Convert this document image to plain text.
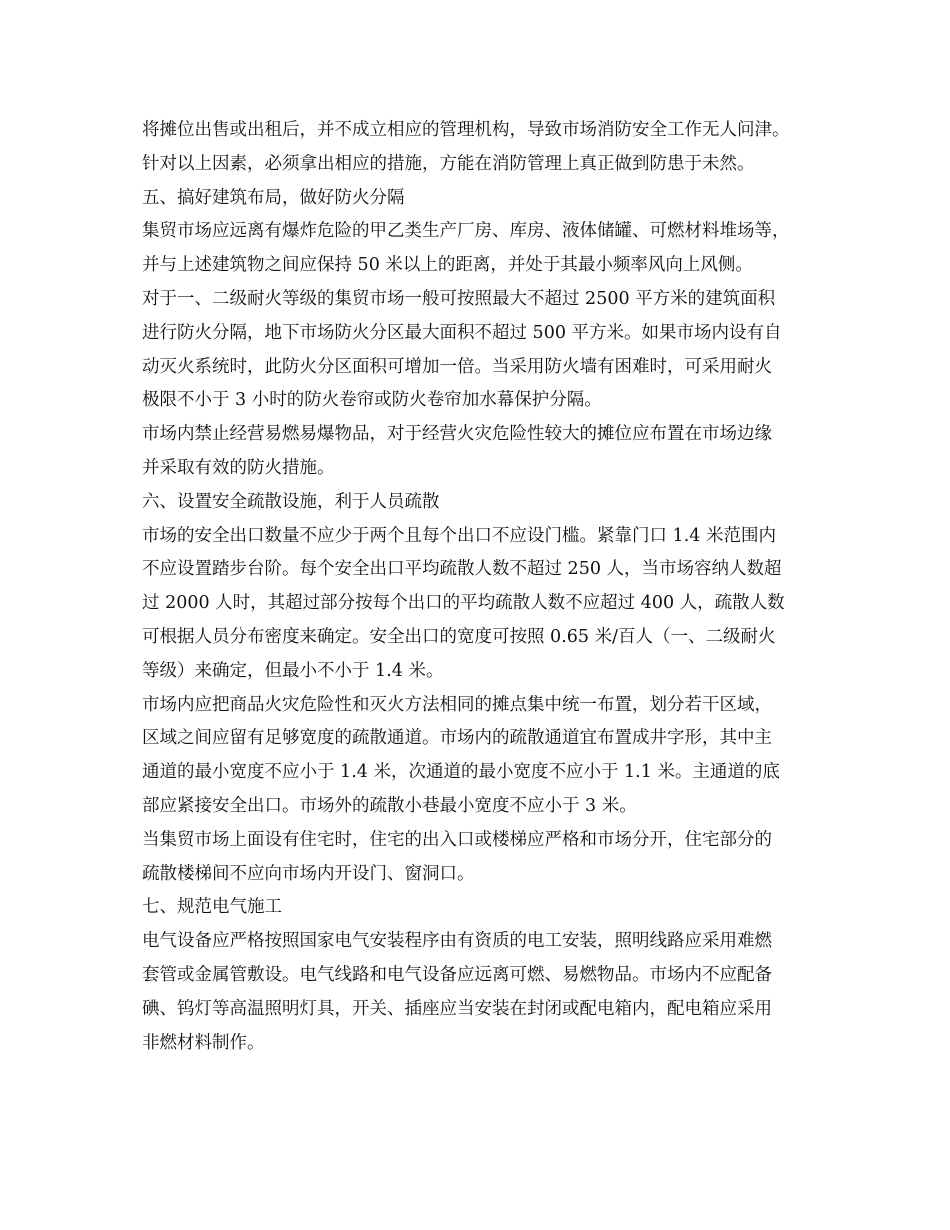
将摊位出售或出租后，并不成立相应的管理机构，导致市场消防安全工作无人问津。
针对以上因素，必须拿出相应的措施，方能在消防管理上真正做到防患于未然。
五、搞好建筑布局，做好防火分隔
集贸市场应远离有爆炸危险的甲乙类生产厂房、库房、液体储罐、可燃材料堆场等，
并与上述建筑物之间应保持 50 米以上的距离，并处于其最小频率风向上风侧。
对于一、二级耐火等级的集贸市场一般可按照最大不超过 2500 平方米的建筑面积
进行防火分隔，地下市场防火分区最大面积不超过 500 平方米。如果市场内设有自
动灭火系统时，此防火分区面积可增加一倍。当采用防火墙有困难时，可采用耐火
极限不小于 3 小时的防火卷帘或防火卷帘加水幕保护分隔。
市场内禁止经营易燃易爆物品，对于经营火灾危险性较大的摊位应布置在市场边缘
并采取有效的防火措施。
六、设置安全疏散设施，利于人员疏散
市场的安全出口数量不应少于两个且每个出口不应设门槛。紧靠门口 1.4 米范围内
不应设置踏步台阶。每个安全出口平均疏散人数不超过 250 人，当市场容纳人数超
过 2000 人时，其超过部分按每个出口的平均疏散人数不应超过 400 人，疏散人数
可根据人员分布密度来确定。安全出口的宽度可按照 0.65 米/百人（一、二级耐火
等级）来确定，但最小不小于 1.4 米。
市场内应把商品火灾危险性和灭火方法相同的摊点集中统一布置，划分若干区域，
区域之间应留有足够宽度的疏散通道。市场内的疏散通道宜布置成井字形，其中主
通道的最小宽度不应小于 1.4 米，次通道的最小宽度不应小于 1.1 米。主通道的底
部应紧接安全出口。市场外的疏散小巷最小宽度不应小于 3 米。
当集贸市场上面设有住宅时，住宅的出入口或楼梯应严格和市场分开，住宅部分的
疏散楼梯间不应向市场内开设门、窗洞口。
七、规范电气施工
电气设备应严格按照国家电气安装程序由有资质的电工安装，照明线路应采用难燃
套管或金属管敷设。电气线路和电气设备应远离可燃、易燃物品。市场内不应配备
碘、钨灯等高温照明灯具，开关、插座应当安装在封闭或配电箱内，配电箱应采用
非燃材料制作。
